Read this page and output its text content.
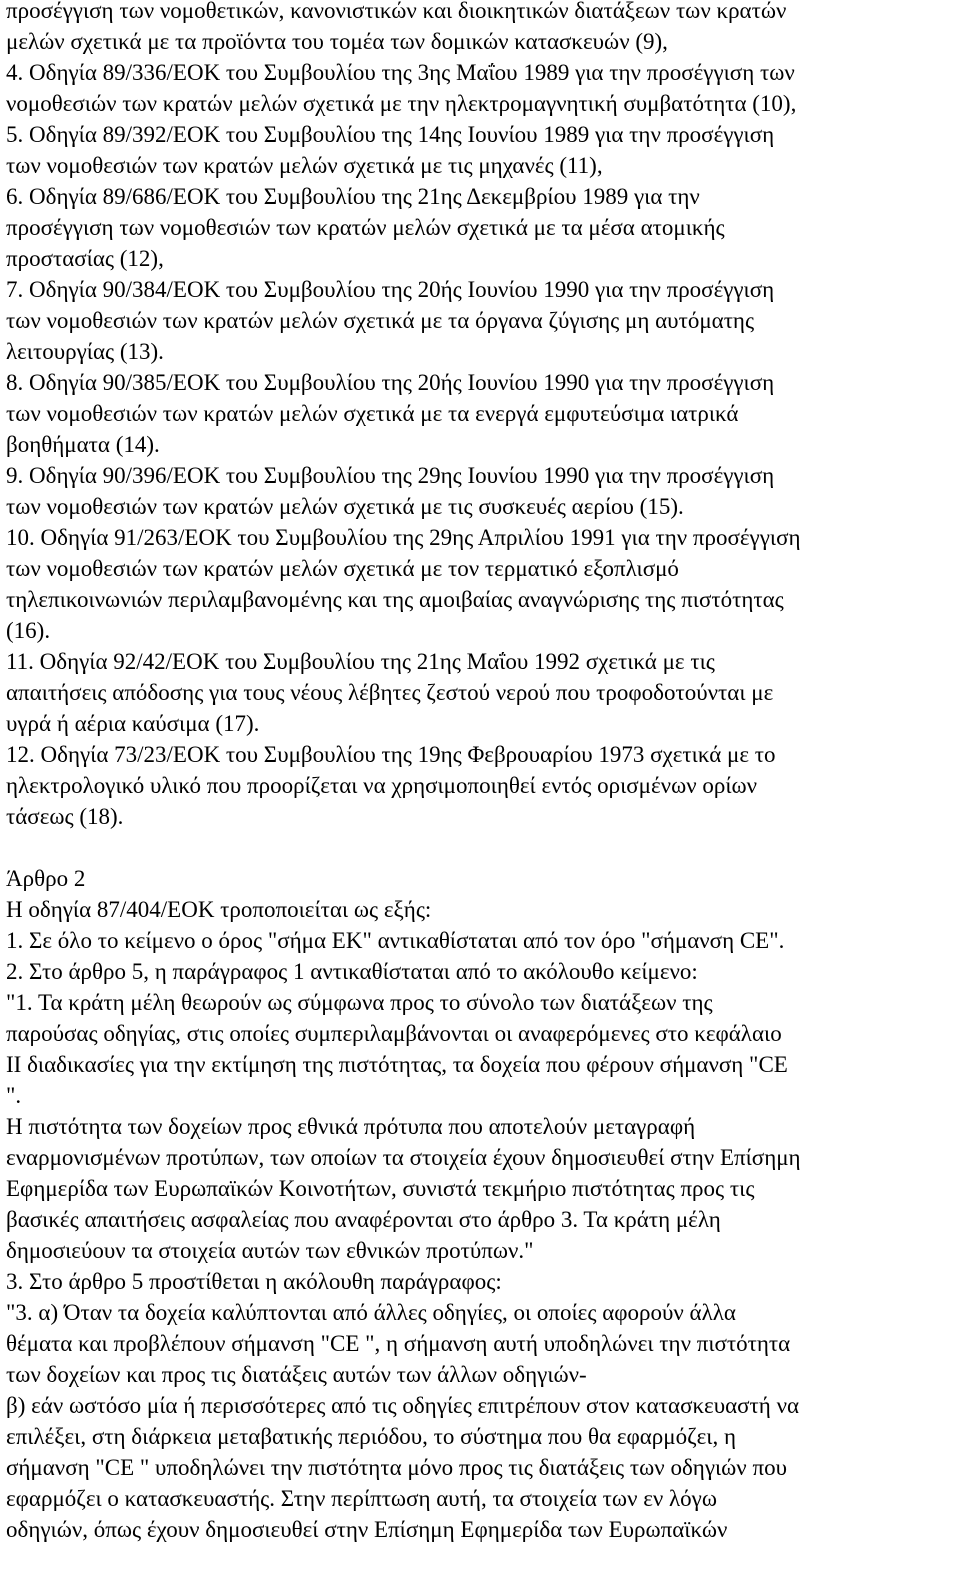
προσέγγιση των νομοθετικών, κανονιστικών και διοικητικών διατάξεων των κρατών
μελών σχετικά με τα προϊόντα του τομέα των δομικών κατασκευών (9),
4. Οδηγία 89/336/ΕΟΚ του Συμβουλίου της 3ης Μαΐου 1989 για την προσέγγιση των
νομοθεσιών των κρατών μελών σχετικά με την ηλεκτρομαγνητική συμβατότητα (10),
5. Οδηγία 89/392/ΕΟΚ του Συμβουλίου της 14ης Ιουνίου 1989 για την προσέγγιση
των νομοθεσιών των κρατών μελών σχετικά με τις μηχανές (11),
6. Οδηγία 89/686/ΕΟΚ του Συμβουλίου της 21ης Δεκεμβρίου 1989 για την
προσέγγιση των νομοθεσιών των κρατών μελών σχετικά με τα μέσα ατομικής
προστασίας (12),
7. Οδηγία 90/384/ΕΟΚ του Συμβουλίου της 20ής Ιουνίου 1990 για την προσέγγιση
των νομοθεσιών των κρατών μελών σχετικά με τα όργανα ζύγισης μη αυτόματης
λειτουργίας (13).
8. Οδηγία 90/385/ΕΟΚ του Συμβουλίου της 20ής Ιουνίου 1990 για την προσέγγιση
των νομοθεσιών των κρατών μελών σχετικά με τα ενεργά εμφυτεύσιμα ιατρικά
βοηθήματα (14).
9. Οδηγία 90/396/ΕΟΚ του Συμβουλίου της 29ης Ιουνίου 1990 για την προσέγγιση
των νομοθεσιών των κρατών μελών σχετικά με τις συσκευές αερίου (15).
10. Οδηγία 91/263/ΕΟΚ του Συμβουλίου της 29ης Απριλίου 1991 για την προσέγγιση
των νομοθεσιών των κρατών μελών σχετικά με τον τερματικό εξοπλισμό
τηλεπικοινωνιών περιλαμβανομένης και της αμοιβαίας αναγνώρισης της πιστότητας
(16).
11. Οδηγία 92/42/ΕΟΚ του Συμβουλίου της 21ης Μαΐου 1992 σχετικά με τις
απαιτήσεις απόδοσης για τους νέους λέβητες ζεστού νερού που τροφοδοτούνται με
υγρά ή αέρια καύσιμα (17).
12. Οδηγία 73/23/ΕΟΚ του Συμβουλίου της 19ης Φεβρουαρίου 1973 σχετικά με το
ηλεκτρολογικό υλικό που προορίζεται να χρησιμοποιηθεί εντός ορισμένων ορίων
τάσεως (18).
Άρθρο 2
Η οδηγία 87/404/ΕΟΚ τροποποιείται ως εξής:
1. Σε όλο το κείμενο ο όρος "σήμα ΕΚ" αντικαθίσταται από τον όρο "σήμανση CE".
2. Στο άρθρο 5, η παράγραφος 1 αντικαθίσταται από το ακόλουθο κείμενο:
"1. Τα κράτη μέλη θεωρούν ως σύμφωνα προς το σύνολο των διατάξεων της
παρούσας οδηγίας, στις οποίες συμπεριλαμβάνονται οι αναφερόμενες στο κεφάλαιο
ΙΙ διαδικασίες για την εκτίμηση της πιστότητας, τα δοχεία που φέρουν σήμανση "CE
".
Η πιστότητα των δοχείων προς εθνικά πρότυπα που αποτελούν μεταγραφή
εναρμονισμένων προτύπων, των οποίων τα στοιχεία έχουν δημοσιευθεί στην Επίσημη
Εφημερίδα των Ευρωπαϊκών Κοινοτήτων, συνιστά τεκμήριο πιστότητας προς τις
βασικές απαιτήσεις ασφαλείας που αναφέρονται στο άρθρο 3. Τα κράτη μέλη
δημοσιεύουν τα στοιχεία αυτών των εθνικών προτύπων."
3. Στο άρθρο 5 προστίθεται η ακόλουθη παράγραφος:
"3. α) Όταν τα δοχεία καλύπτονται από άλλες οδηγίες, οι οποίες αφορούν άλλα
θέματα και προβλέπουν σήμανση "CE ", η σήμανση αυτή υποδηλώνει την πιστότητα
των δοχείων και προς τις διατάξεις αυτών των άλλων οδηγιών-
β) εάν ωστόσο μία ή περισσότερες από τις οδηγίες επιτρέπουν στον κατασκευαστή να
επιλέξει, στη διάρκεια μεταβατικής περιόδου, το σύστημα που θα εφαρμόζει, η
σήμανση "CE " υποδηλώνει την πιστότητα μόνο προς τις διατάξεις των οδηγιών που
εφαρμόζει ο κατασκευαστής. Στην περίπτωση αυτή, τα στοιχεία των εν λόγω
οδηγιών, όπως έχουν δημοσιευθεί στην Επίσημη Εφημερίδα των Ευρωπαϊκών
